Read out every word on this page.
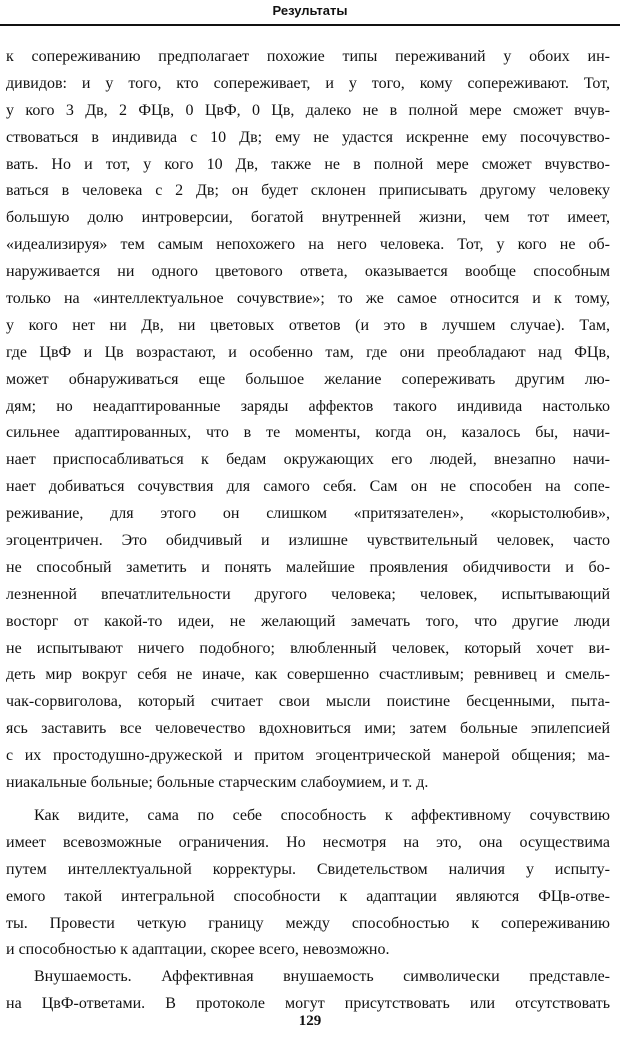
Результаты
к сопереживанию предполагает похожие типы переживаний у обоих ин-
дивидов: и у того, кто сопереживает, и у того, кому сопереживают. Тот,
у кого 3 Дв, 2 ФЦв, 0 ЦвФ, 0 Цв, далеко не в полной мере сможет вчув-
ствоваться в индивида с 10 Дв; ему не удастся искренне ему посочувство-
вать. Но и тот, у кого 10 Дв, также не в полной мере сможет вчувство-
ваться в человека с 2 Дв; он будет склонен приписывать другому человеку
большую долю интроверсии, богатой внутренней жизни, чем тот имеет,
«идеализируя» тем самым непохожего на него человека. Тот, у кого не об-
наруживается ни одного цветового ответа, оказывается вообще способным
только на «интеллектуальное сочувствие»; то же самое относится и к тому,
у кого нет ни Дв, ни цветовых ответов (и это в лучшем случае). Там,
где ЦвФ и Цв возрастают, и особенно там, где они преобладают над ФЦв,
может обнаруживаться еще большое желание сопереживать другим лю-
дям; но неадаптированные заряды аффектов такого индивида настолько
сильнее адаптированных, что в те моменты, когда он, казалось бы, начи-
нает приспосабливаться к бедам окружающих его людей, внезапно начи-
нает добиваться сочувствия для самого себя. Сам он не способен на сопе-
реживание, для этого он слишком «притязателен», «корыстолюбив»,
эгоцентричен. Это обидчивый и излишне чувствительный человек, часто
не способный заметить и понять малейшие проявления обидчивости и бо-
лезненной впечатлительности другого человека; человек, испытывающий
восторг от какой-то идеи, не желающий замечать того, что другие люди
не испытывают ничего подобного; влюбленный человек, который хочет ви-
деть мир вокруг себя не иначе, как совершенно счастливым; ревнивец и смель-
чак-сорвиголова, который считает свои мысли поистине бесценными, пыта-
ясь заставить все человечество вдохновиться ими; затем больные эпилепсией
с их простодушно-дружеской и притом эгоцентрической манерой общения; ма-
ниакальные больные; больные старческим слабоумием, и т. д.
Как видите, сама по себе способность к аффективному сочувствию
имеет всевозможные ограничения. Но несмотря на это, она осуществима
путем интеллектуальной корректуры. Свидетельством наличия у испыту-
емого такой интегральной способности к адаптации являются ФЦв-отве-
ты. Провести четкую границу между способностью к сопереживанию
и способностью к адаптации, скорее всего, невозможно.
Внушаемость. Аффективная внушаемость символически представле-
на ЦвФ-ответами. В протоколе могут присутствовать или отсутствовать
129
